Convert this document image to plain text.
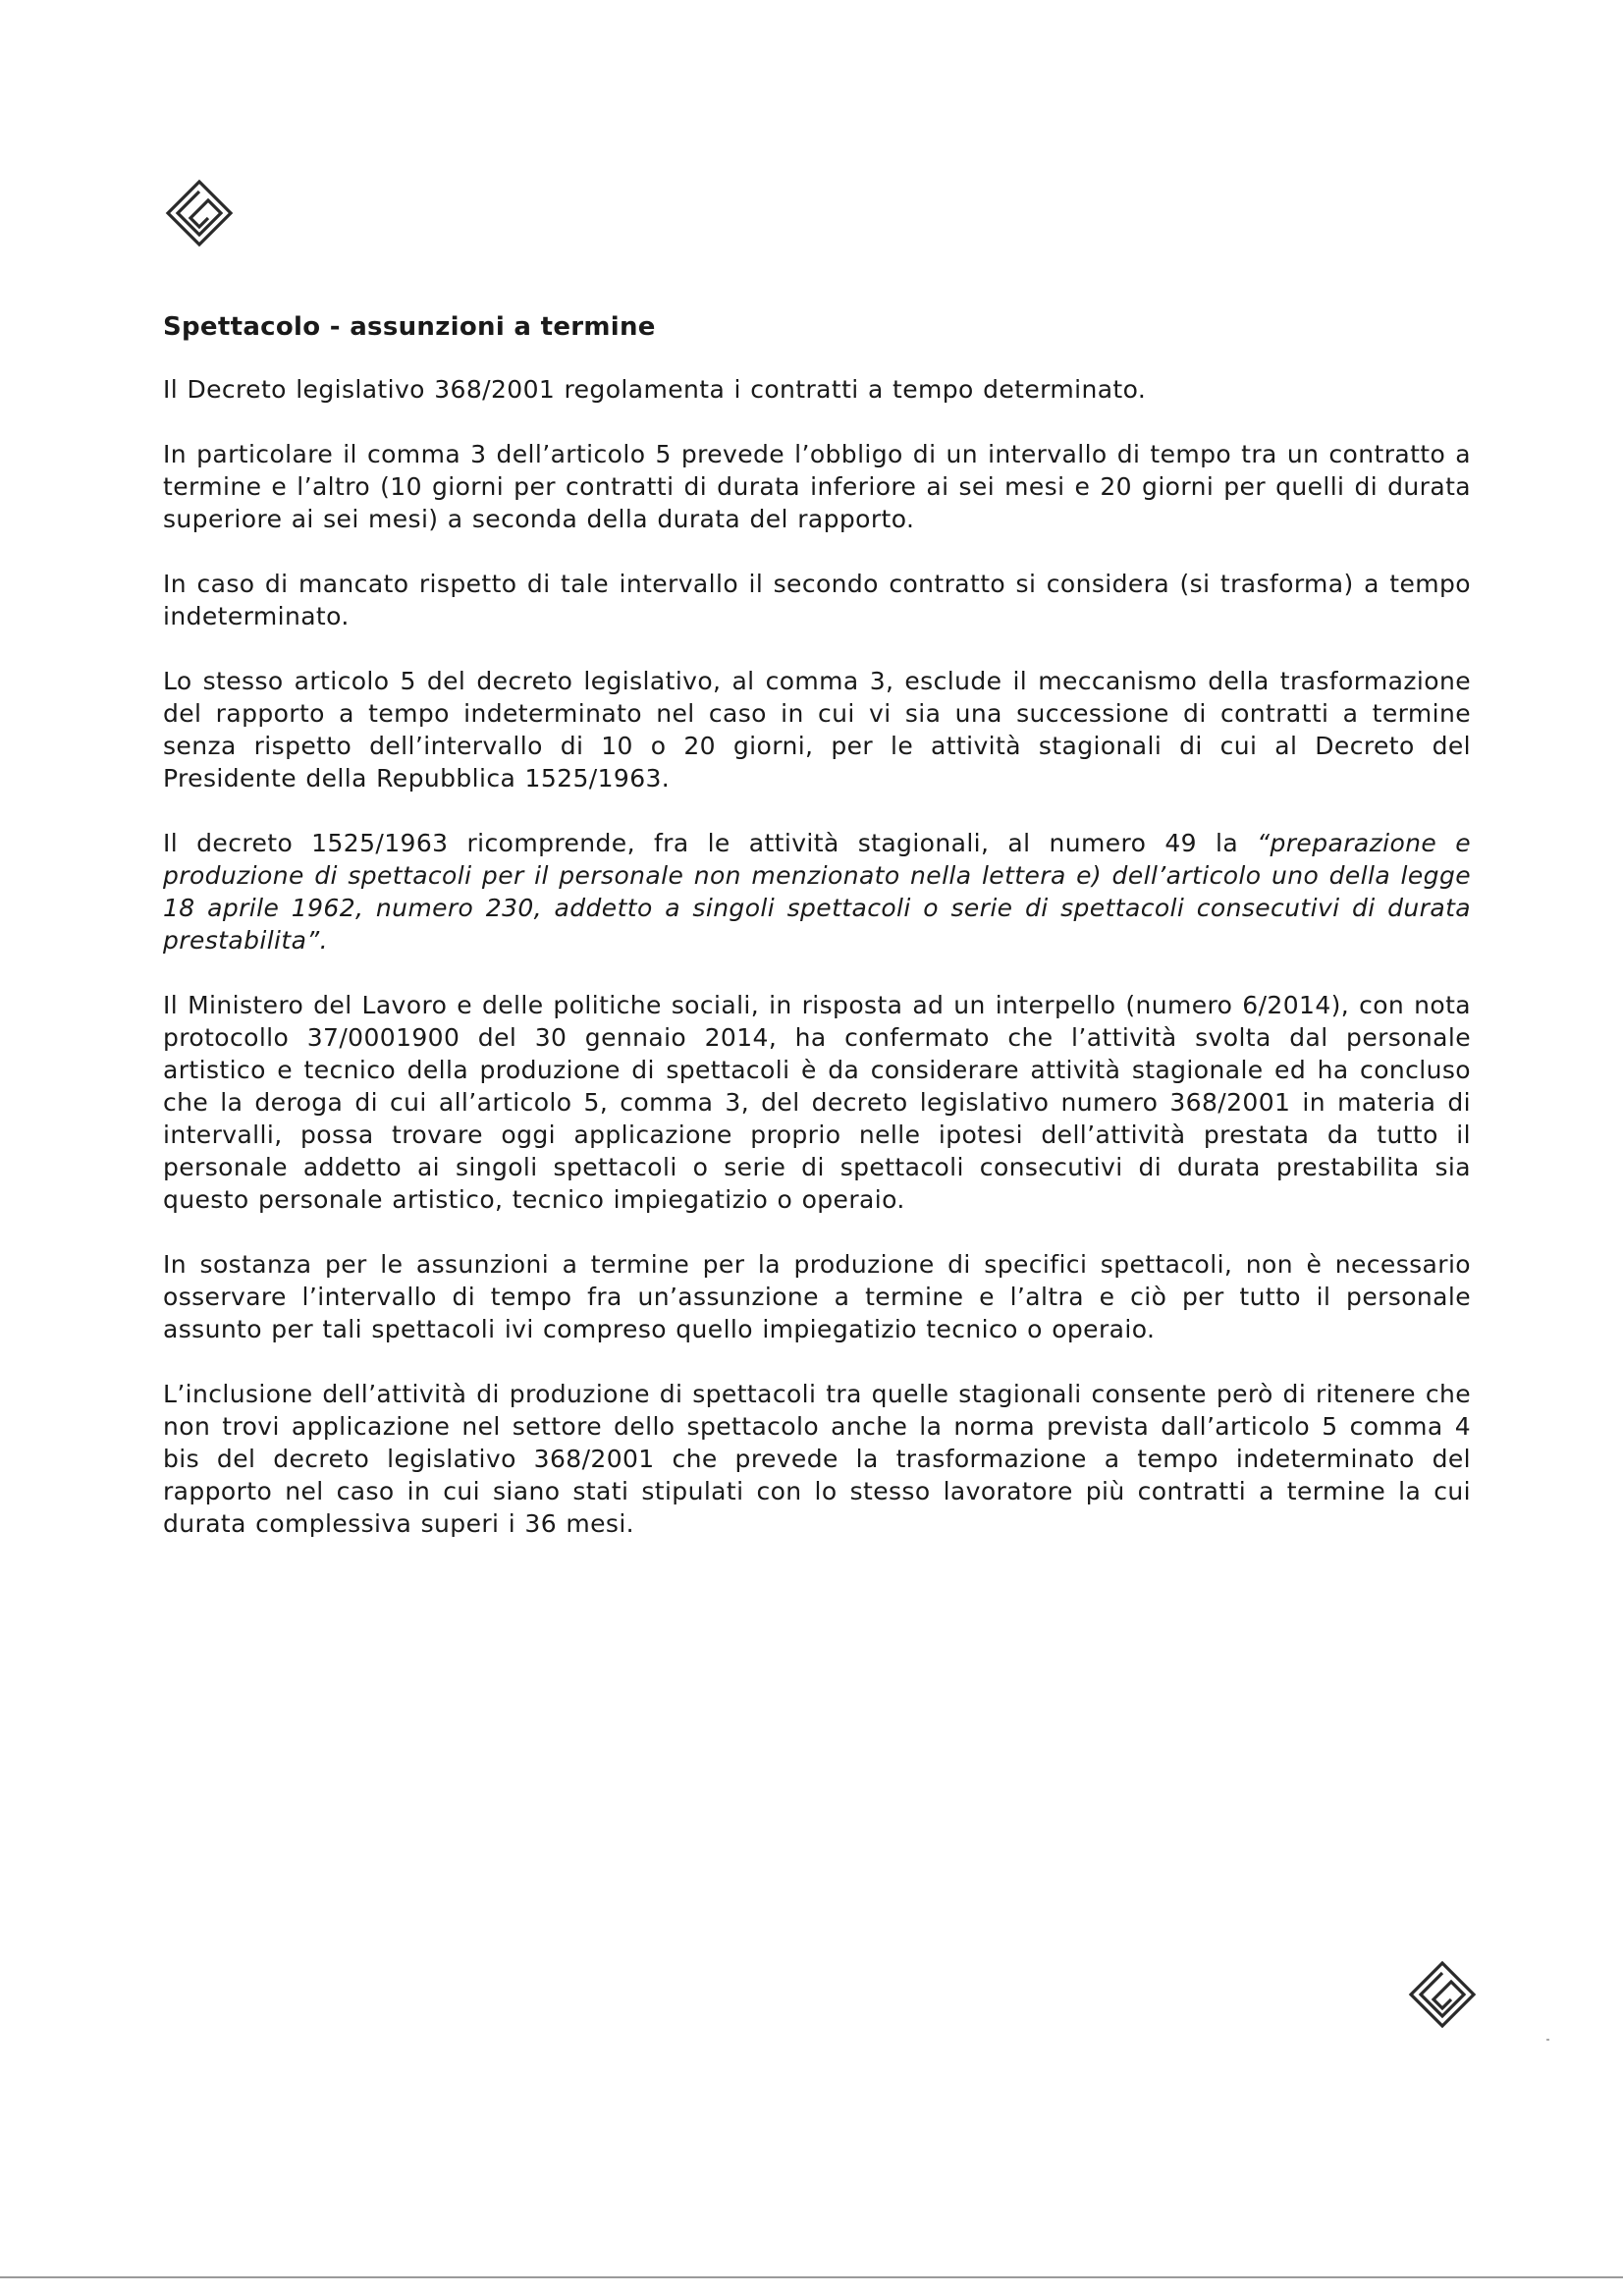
Spettacolo - assunzioni a termine

Il Decreto legislativo 368/2001 regolamenta i contratti a tempo determinato.

In particolare il comma 3 dell’articolo 5 prevede l’obbligo di un intervallo di tempo tra un contratto a termine e l’altro (10 giorni per contratti di durata inferiore ai sei mesi e 20 giorni per quelli di durata superiore ai sei mesi) a seconda della durata del rapporto.

In caso di mancato rispetto di tale intervallo il secondo contratto si considera (si trasforma) a tempo indeterminato.

Lo stesso articolo 5 del decreto legislativo, al comma 3, esclude il meccanismo della trasformazione del rapporto a tempo indeterminato nel caso in cui vi sia una successione di contratti a termine senza rispetto dell’intervallo di 10 o 20 giorni, per le attività stagionali di cui al Decreto del Presidente della Repubblica 1525/1963.

Il decreto 1525/1963 ricomprende, fra le attività stagionali, al numero 49 la “preparazione e produzione di spettacoli per il personale non menzionato nella lettera e) dell’articolo uno della legge 18 aprile 1962, numero 230, addetto a singoli spettacoli o serie di spettacoli consecutivi di durata prestabilita”.

Il Ministero del Lavoro e delle politiche sociali, in risposta ad un interpello (numero 6/2014), con nota protocollo 37/0001900 del 30 gennaio 2014, ha confermato che l’attività svolta dal personale artistico e tecnico della produzione di spettacoli è da considerare attività stagionale ed ha concluso che la deroga di cui all’articolo 5, comma 3, del decreto legislativo numero 368/2001 in materia di intervalli, possa trovare oggi applicazione proprio nelle ipotesi dell’attività prestata da tutto il personale addetto ai singoli spettacoli o serie di spettacoli consecutivi di durata prestabilita sia questo personale artistico, tecnico impiegatizio o operaio.

In sostanza per le assunzioni a termine per la produzione di specifici spettacoli, non è necessario osservare l’intervallo di tempo fra un’assunzione a termine e l’altra e ciò per tutto il personale assunto per tali spettacoli ivi compreso quello impiegatizio tecnico o operaio.

L’inclusione dell’attività di produzione di spettacoli tra quelle stagionali consente però di ritenere che non trovi applicazione nel settore dello spettacolo anche la norma prevista dall’articolo 5 comma 4 bis del decreto legislativo 368/2001 che prevede la trasformazione a tempo indeterminato del rapporto nel caso in cui siano stati stipulati con lo stesso lavoratore più contratti a termine la cui durata complessiva superi i 36 mesi.
